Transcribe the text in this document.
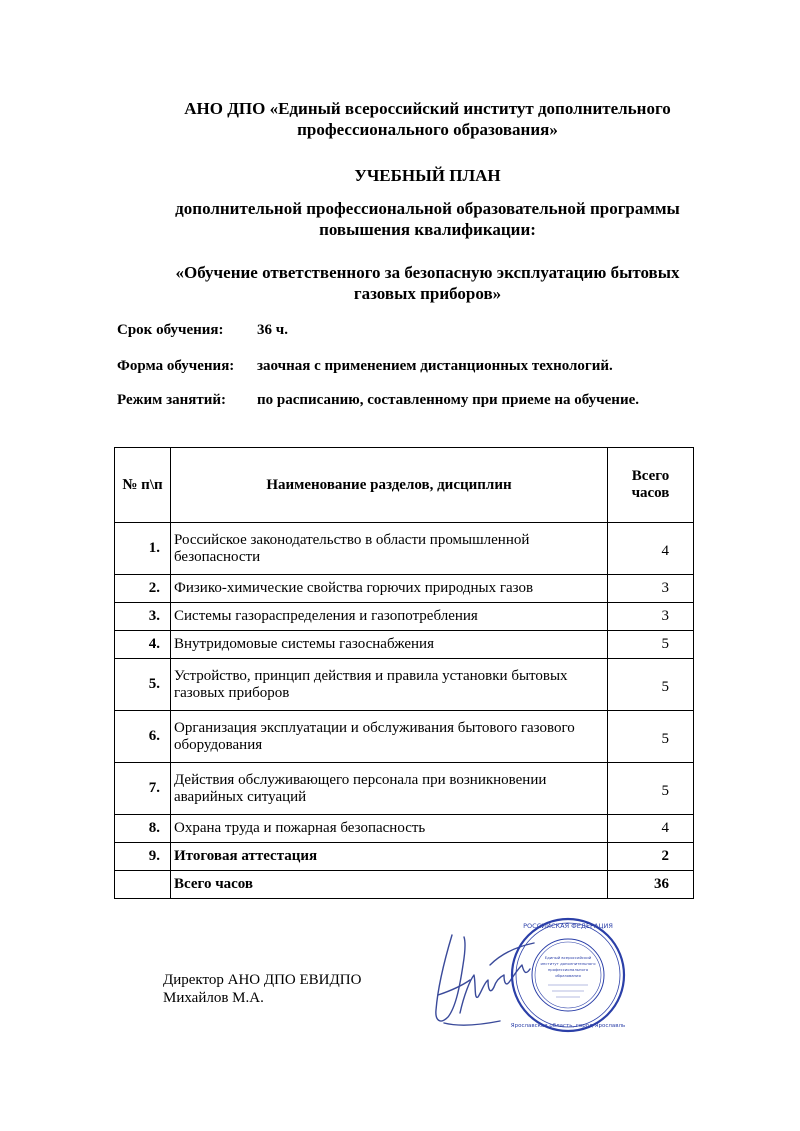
АНО ДПО «Единый всероссийский институт дополнительного
профессионального образования»
УЧЕБНЫЙ ПЛАН
дополнительной профессиональной образовательной программы
повышения квалификации:
«Обучение ответственного за безопасную эксплуатацию бытовых
газовых приборов»
Срок обучения: 36 ч.
Форма обучения: заочная с применением дистанционных технологий.
Режим занятий: по расписанию, составленному при приеме на обучение.
№ п\п	Наименование разделов, дисциплин	Всего
часов

1.	Российское законодательство в области промышленной безопасности	4
2.	Физико-химические свойства горючих природных газов	3
3.	Системы газораспределения и газопотребления	3
4.	Внутридомовые системы газоснабжения	5
5.	Устройство, принцип действия и правила установки бытовых газовых приборов	5
6.	Организация эксплуатации и обслуживания бытового газового оборудования	5
7.	Действия обслуживающего персонала при возникновении аварийных ситуаций	5
8.	Охрана труда и пожарная безопасность	4
9.	Итоговая аттестация	2
	Всего часов	36
Директор АНО ДПО ЕВИДПО
Михайлов М.А.
РОССИЙСКАЯ ФЕДЕРАЦИЯ
Ярославская область, город Ярославль
Единый всероссийский
институт дополнительного
профессионального
образования
